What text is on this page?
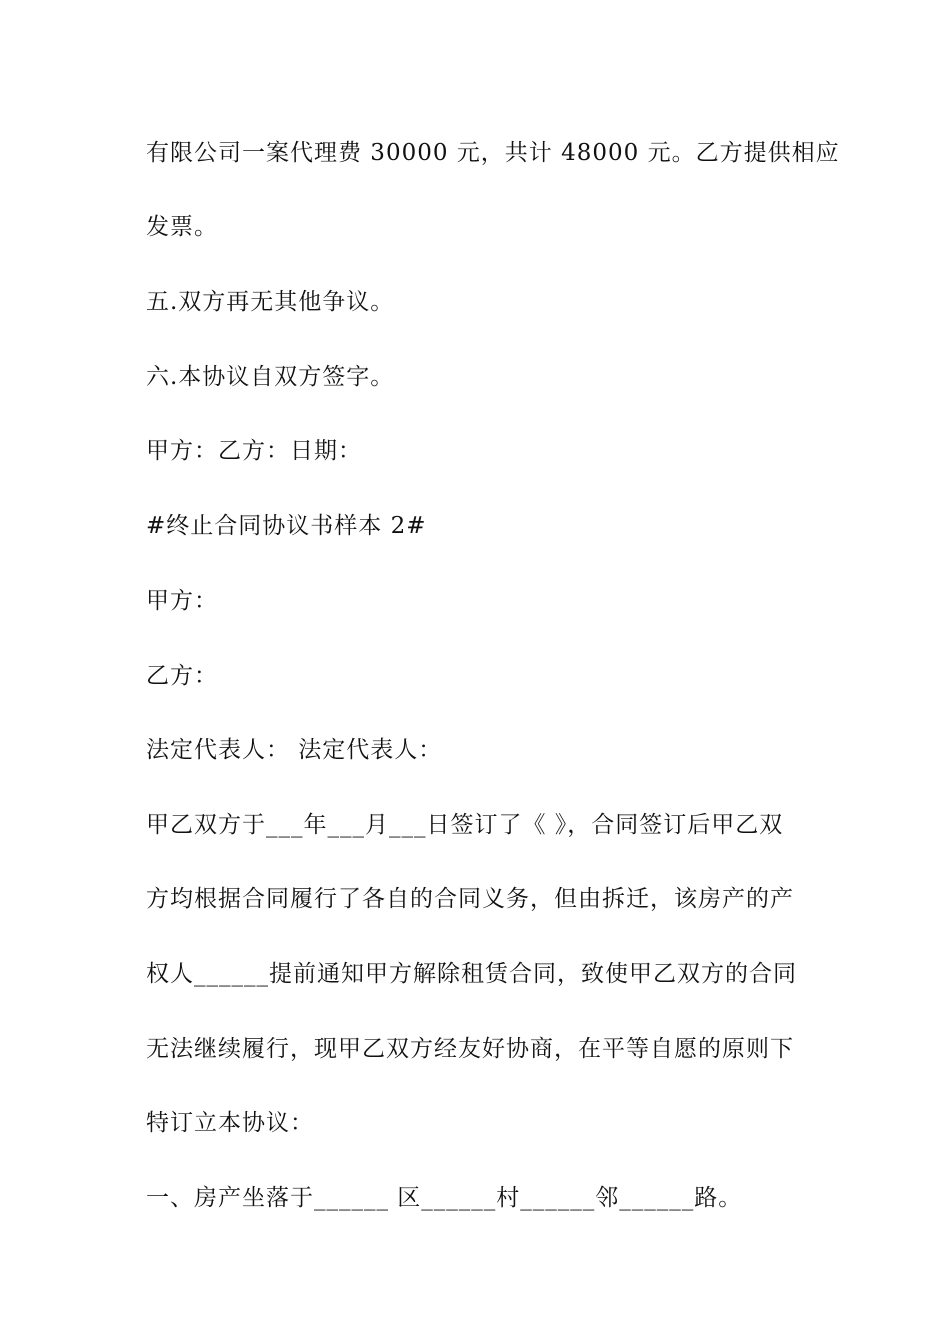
有限公司一案代理费 30000 元，共计 48000 元。乙方提供相应
发票。
五.双方再无其他争议。
六.本协议自双方签字。
甲方：乙方：日期：
#终止合同协议书样本 2#
甲方：
乙方：
法定代表人： 法定代表人：
甲乙双方于___年___月___日签订了《 》，合同签订后甲乙双
方均根据合同履行了各自的合同义务，但由拆迁，该房产的产
权人______提前通知甲方解除租赁合同，致使甲乙双方的合同
无法继续履行，现甲乙双方经友好协商，在平等自愿的原则下
特订立本协议：
一、房产坐落于______ 区______村______邻______路。
